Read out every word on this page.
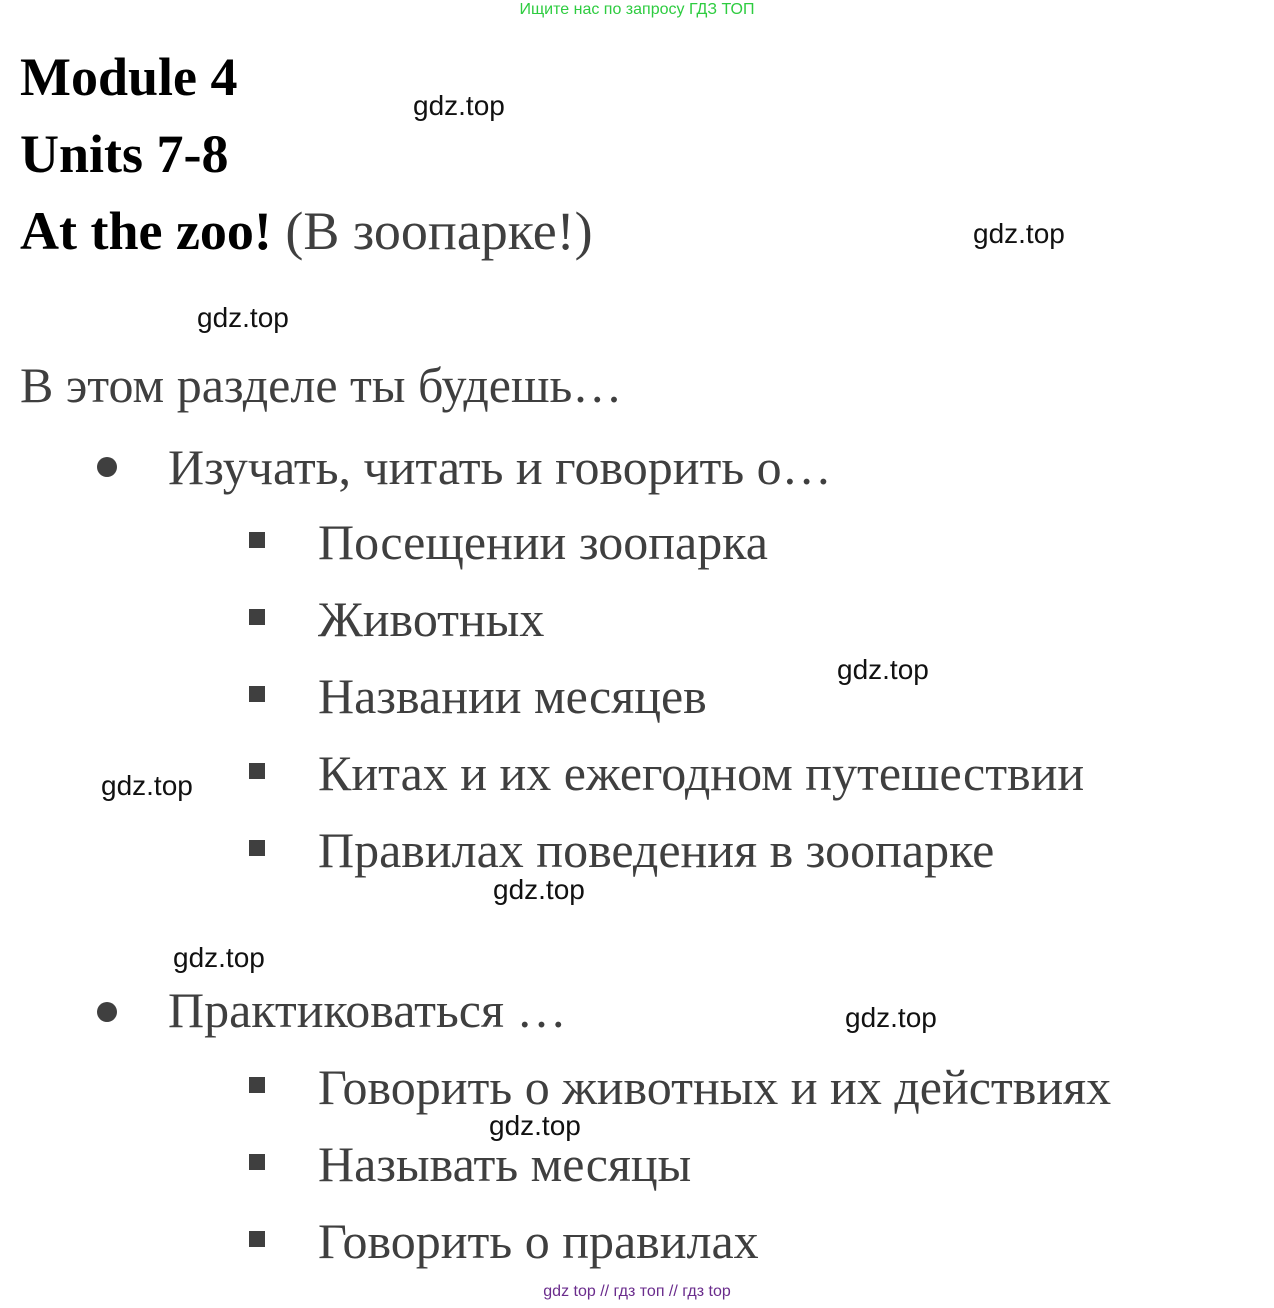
Ищите нас по запросу ГДЗ ТОП
Module 4
Units 7-8
At the zoo! (В зоопарке!)
В этом разделе ты будешь…
Изучать, читать и говорить о…
Посещении зоопарка
Животных
Названии месяцев
Китах и их ежегодном путешествии
Правилах поведения в зоопарке
Практиковаться …
Говорить о животных и их действиях
Называть месяцы
Говорить о правилах
gdz.top
gdz.top
gdz.top
gdz.top
gdz.top
gdz.top
gdz.top
gdz.top
gdz.top
gdz top // гдз топ // гдз top
